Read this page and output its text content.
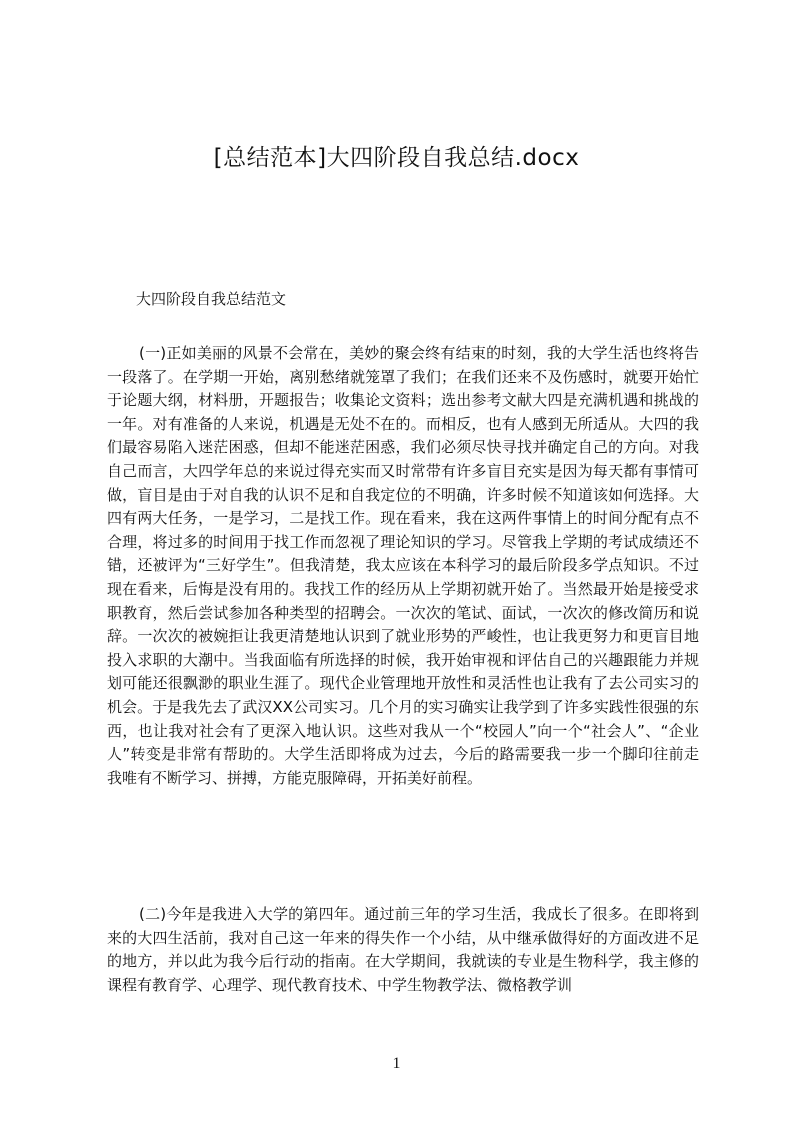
[总结范本]大四阶段自我总结.docx
大四阶段自我总结范文

(一)正如美丽的风景不会常在，美妙的聚会终有结束的时刻，我的大学生活也终将告一段落了。在学期一开始，离别愁绪就笼罩了我们；在我们还来不及伤感时，就要开始忙于论题大纲，材料册，开题报告；收集论文资料；选出参考文献大四是充满机遇和挑战的一年。对有准备的人来说，机遇是无处不在的。而相反，也有人感到无所适从。大四的我们最容易陷入迷茫困惑，但却不能迷茫困惑，我们必须尽快寻找并确定自己的方向。对我自己而言，大四学年总的来说过得充实而又时常带有许多盲目充实是因为每天都有事情可做，盲目是由于对自我的认识不足和自我定位的不明确，许多时候不知道该如何选择。大四有两大任务，一是学习，二是找工作。现在看来，我在这两件事情上的时间分配有点不合理，将过多的时间用于找工作而忽视了理论知识的学习。尽管我上学期的考试成绩还不错，还被评为“三好学生”。但我清楚，我太应该在本科学习的最后阶段多学点知识。不过现在看来，后悔是没有用的。我找工作的经历从上学期初就开始了。当然最开始是接受求职教育，然后尝试参加各种类型的招聘会。一次次的笔试、面试，一次次的修改简历和说辞。一次次的被婉拒让我更清楚地认识到了就业形势的严峻性，也让我更努力和更盲目地投入求职的大潮中。当我面临有所选择的时候，我开始审视和评估自己的兴趣跟能力并规划可能还很飘渺的职业生涯了。现代企业管理地开放性和灵活性也让我有了去公司实习的机会。于是我先去了武汉XX公司实习。几个月的实习确实让我学到了许多实践性很强的东西，也让我对社会有了更深入地认识。这些对我从一个“校园人”向一个“社会人”、“企业人”转变是非常有帮助的。大学生活即将成为过去，今后的路需要我一步一个脚印往前走我唯有不断学习、拼搏，方能克服障碍，开拓美好前程。

(二)今年是我进入大学的第四年。通过前三年的学习生活，我成长了很多。在即将到来的大四生活前，我对自己这一年来的得失作一个小结，从中继承做得好的方面改进不足的地方，并以此为我今后行动的指南。在大学期间，我就读的专业是生物科学，我主修的课程有教育学、心理学、现代教育技术、中学生物教学法、微格教学训

1
